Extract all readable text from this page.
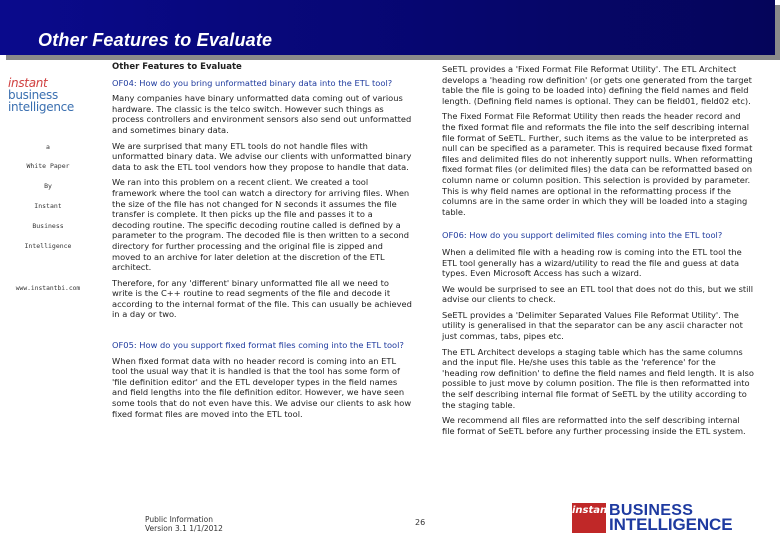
Other Features to Evaluate
instant
business
intelligence
a
White Paper
By
Instant
Business
Intelligence
www.instantbi.com

Other Features to Evaluate

OF04: How do you bring unformatted binary data into the ETL tool?

Many companies have binary unformatted data coming out of various hardware. The classic is the telco switch. However such things as process controllers and environment sensors also send out unformatted and sometimes binary data.

We are surprised that many ETL tools do not handle files with unformatted binary data. We advise our clients with unformatted binary data to ask the ETL tool vendors how they propose to handle that data.

We ran into this problem on a recent client. We created a tool framework where the tool can watch a directory for arriving files. When the size of the file has not changed for N seconds it assumes the file transfer is complete. It then picks up the file and passes it to a decoding routine. The specific decoding routine called is defined by a parameter to the program. The decoded file is then written to a second directory for further processing and the original file is zipped and moved to an archive for later deletion at the discretion of the ETL architect.

Therefore, for any 'different' binary unformatted file all we need to write is the C++ routine to read segments of the file and decode it according to the internal format of the file. This can usually be achieved in a day or two.

OF05: How do you support fixed format files coming into the ETL tool?

When fixed format data with no header record is coming into an ETL tool the usual way that it is handled is that the tool has some form of 'file definition editor' and the ETL developer types in the field names and field lengths into the file definition editor. However, we have seen some tools that do not even have this. We advise our clients to ask how fixed format files are moved into the ETL tool.

SeETL provides a 'Fixed Format File Reformat Utility'. The ETL Architect develops a 'heading row definition' (or gets one generated from the target table the file is going to be loaded into) defining the field names and field length. (Defining field names is optional. They can be field01, field02 etc).

The Fixed Format File Reformat Utility then reads the header record and the fixed format file and reformats the file into the self describing internal file format of SeETL. Further, such items as the value to be interpreted as null can be specified as a parameter. This is required because fixed format files and delimited files do not inherently support nulls. When reformatting fixed format files (or delimited files) the data can be reformatted based on column name or column position. This selection is provided by parameter. This is why field names are optional in the reformatting process if the columns are in the same order in which they will be loaded into a staging table.

OF06: How do you support delimited files coming into the ETL tool?

When a delimited file with a heading row is coming into the ETL tool the ETL tool generally has a wizard/utility to read the file and guess at data types. Even Microsoft Access has such a wizard.

We would be surprised to see an ETL tool that does not do this, but we still advise our clients to check.

SeETL provides a 'Delimiter Separated Values File Reformat Utility'. The utility is generalised in that the separator can be any ascii character not just commas, tabs, pipes etc.

The ETL Architect develops a staging table which has the same columns and the input file. He/she uses this table as the 'reference' for the 'heading row definition' to define the field names and field length. It is also possible to just move by column position. The file is then reformatted into the self describing internal file format of SeETL by the utility according to the staging table.

We recommend all files are reformatted into the self describing internal file format of SeETL before any further processing inside the ETL system.

Public Information
Version 3.1 1/1/2012
26
instant
BUSINESS
INTELLIGENCE
